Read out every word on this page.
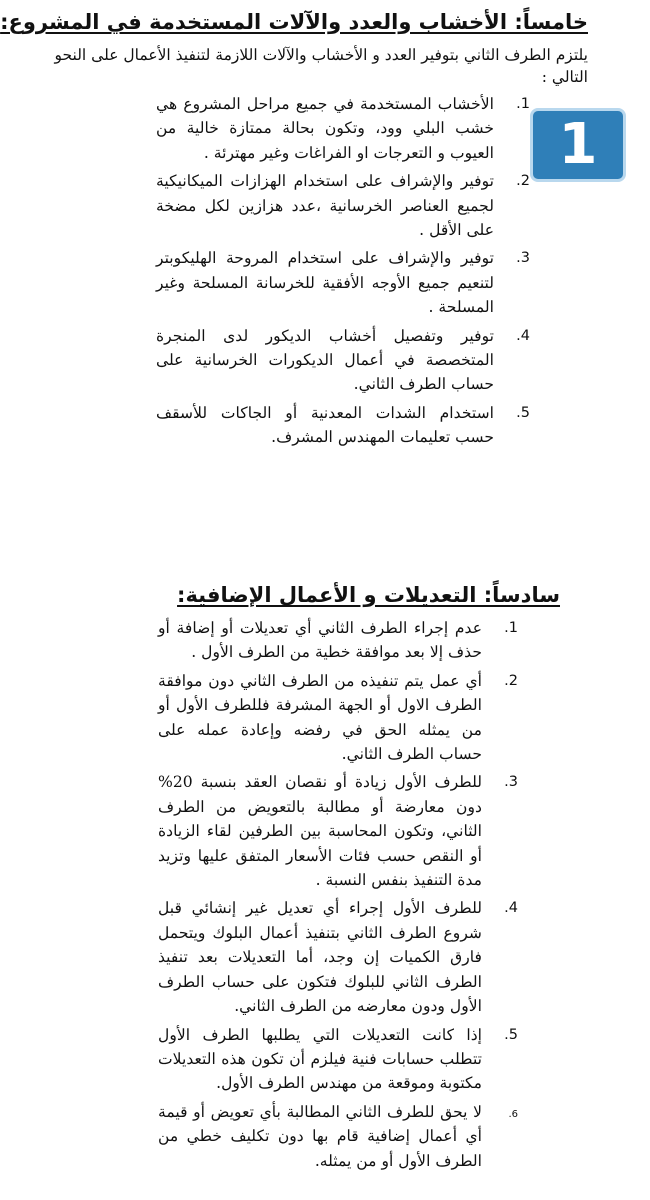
خامساً: الأخشاب والعدد والآلات المستخدمة في المشروع:

يلتزم الطرف الثاني بتوفير العدد و الأخشاب والآلات اللازمة لتنفيذ الأعمال على النحو التالي :

1
.1
الأخشاب المستخدمة في جميع مراحل المشروع هي خشب البلي وود، وتكون بحالة ممتازة خالية من العيوب و التعرجات او الفراغات وغير مهترئة .
.2
توفير والإشراف على استخدام الهزازات الميكانيكية لجميع العناصر الخرسانية ،عدد هزازين لكل مضخة على الأقل .
.3
توفير والإشراف على استخدام المروحة الهليكوبتر لتنعيم جميع الأوجه الأفقية للخرسانة المسلحة وغير المسلحة .
.4
توفير وتفصيل أخشاب الديكور لدى المنجرة المتخصصة في أعمال الديكورات الخرسانية على حساب الطرف الثاني.
.5
استخدام الشدات المعدنية أو الجاكات للأسقف حسب تعليمات المهندس المشرف.
سادساً: التعديلات و الأعمال الإضافية:
.1
عدم إجراء الطرف الثاني أي تعديلات أو إضافة أو حذف إلا بعد موافقة خطية من الطرف الأول .
.2
أي عمل يتم تنفيذه من الطرف الثاني دون موافقة الطرف الاول أو الجهة المشرفة فللطرف الأول أو من يمثله الحق في رفضه وإعادة عمله على حساب الطرف الثاني.
.3
للطرف الأول زيادة أو نقصان العقد بنسبة 20% دون معارضة أو مطالبة بالتعويض من الطرف الثاني، وتكون المحاسبة بين الطرفين لقاء الزيادة أو النقص حسب فئات الأسعار المتفق عليها وتزيد مدة التنفيذ بنفس النسبة .
.4
للطرف الأول إجراء أي تعديل غير إنشائي قبل شروع الطرف الثاني بتنفيذ أعمال البلوك ويتحمل فارق الكميات إن وجد، أما التعديلات بعد تنفيذ الطرف الثاني للبلوك فتكون على حساب الطرف الأول ودون معارضه من الطرف الثاني.
.5
إذا كانت التعديلات التي يطلبها الطرف الأول تتطلب حسابات فنية فيلزم أن تكون هذه التعديلات مكتوبة وموقعة من مهندس الطرف الأول.
.6
لا يحق للطرف الثاني المطالبة بأي تعويض أو قيمة أي أعمال إضافية قام بها دون تكليف خطي من الطرف الأول أو من يمثله.
